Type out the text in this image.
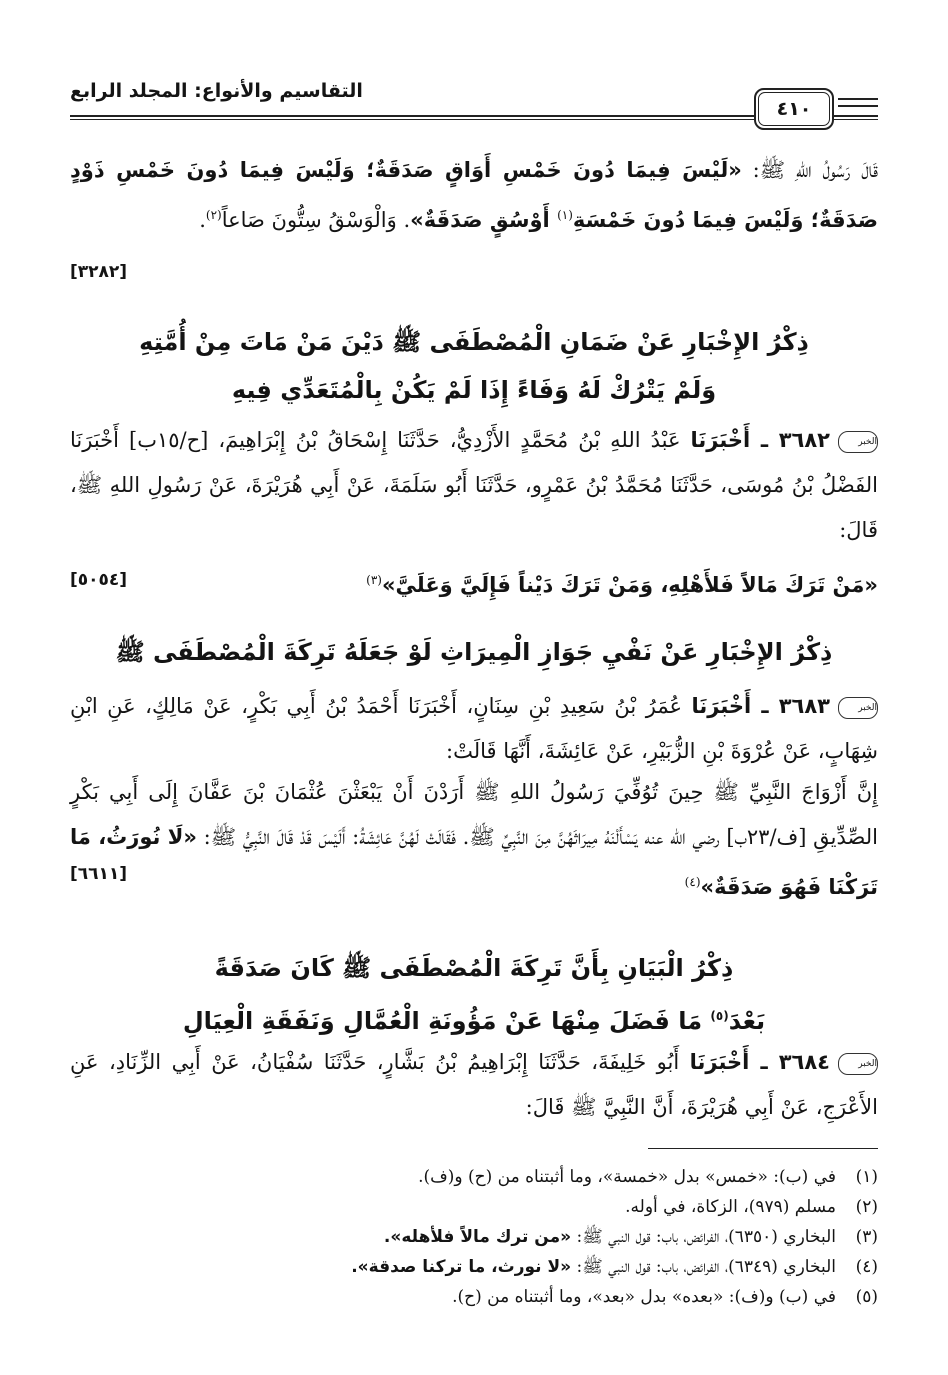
التقاسيم والأنواع: المجلد الرابع
٤١٠
قَالَ رَسُولُ اللهِ ﷺ: «لَيْسَ فِيمَا دُونَ خَمْسِ أَوَاقٍ صَدَقَةٌ؛ وَلَيْسَ فِيمَا دُونَ خَمْسِ ذَوْدٍ صَدَقَةٌ؛ وَلَيْسَ فِيمَا دُونَ خَمْسَةِ$^{(١)}$ أَوْسُقٍ صَدَقَةٌ». وَالْوَسْقُ سِتُّونَ صَاعاً$^{(٢)}$.
[٣٢٨٢]
ذِكْرُ الإِخْبَارِ عَنْ ضَمَانِ الْمُصْطَفَى ﷺ دَيْنَ مَنْ مَاتَ مِنْ أُمَّتِهِ
وَلَمْ يَتْرُكْ لَهُ وَفَاءً إِذَا لَمْ يَكُنْ بِالْمُتَعَدِّي فِيهِ
الخبر٣٦٨٢ ـ أَخْبَرَنَا عَبْدُ اللهِ بْنُ مُحَمَّدٍ الأَزْدِيُّ، حَدَّثَنَا إِسْحَاقُ بْنُ إِبْرَاهِيمَ، [ح/١٥ب] أَخْبَرَنَا الفَضْلُ بْنُ مُوسَى، حَدَّثَنَا مُحَمَّدُ بْنُ عَمْرٍو، حَدَّثَنَا أَبُو سَلَمَةَ، عَنْ أَبِي هُرَيْرَةَ، عَنْ رَسُولِ اللهِ ﷺ، قَالَ:
«مَنْ تَرَكَ مَالاً فَلأَهْلِهِ، وَمَنْ تَرَكَ دَيْناً فَإِلَيَّ وَعَلَيَّ»$^{(٣)}$
[٥٠٥٤]
ذِكْرُ الإِخْبَارِ عَنْ نَفْيِ جَوَازِ الْمِيرَاثِ لَوْ جَعَلَهُ تَرِكَةَ الْمُصْطَفَى ﷺ
الخبر٣٦٨٣ ـ أَخْبَرَنَا عُمَرُ بْنُ سَعِيدِ بْنِ سِنَانٍ، أَخْبَرَنَا أَحْمَدُ بْنُ أَبِي بَكْرٍ، عَنْ مَالِكٍ، عَنِ ابْنِ شِهَابٍ، عَنْ عُرْوَةَ بْنِ الزُّبَيْرِ، عَنْ عَائِشَةَ، أَنَّهَا قَالَتْ:
إِنَّ أَزْوَاجَ النَّبِيِّ ﷺ حِينَ تُوُفِّيَ رَسُولُ اللهِ ﷺ أَرَدْنَ أَنْ يَبْعَثْنَ عُثْمَانَ بْنَ عَفَّانَ إِلَى أَبِي بَكْرٍ الصِّدِّيقِ [ف/٢٣ب] رضي الله عنه يَسْأَلْنَهُ مِيرَاثَهُنَّ مِنَ النَّبِيِّ ﷺ. فَقَالَتْ لَهُنَّ عَائِشَةُ: أَلَيْسَ قَدْ قَالَ النَّبِيُّ ﷺ: «لَا نُورَثُ، مَا تَرَكْنَا فَهُوَ صَدَقَةٌ»$^{(٤)}$
[٦٦١١]
ذِكْرُ الْبَيَانِ بِأَنَّ تَرِكَةَ الْمُصْطَفَى ﷺ كَانَ صَدَقَةً
بَعْدَ$^{(٥)}$ مَا فَضَلَ مِنْهَا عَنْ مَؤُونَةِ الْعُمَّالِ وَنَفَقَةِ الْعِيَالِ
الخبر٣٦٨٤ ـ أَخْبَرَنَا أَبُو خَلِيفَةَ، حَدَّثَنَا إِبْرَاهِيمُ بْنُ بَشَّارٍ، حَدَّثَنَا سُفْيَانُ، عَنْ أَبِي الزِّنَادِ، عَنِ الأَعْرَجِ، عَنْ أَبِي هُرَيْرَةَ، أَنَّ النَّبِيَّ ﷺ قَالَ:
(١)في (ب): «خمس» بدل «خمسة»، وما أثبتناه من (ح) و(ف).
(٢)مسلم (٩٧٩)، الزكاة، في أوله.
(٣)البخاري (٦٣٥٠)، الفرائض، باب: قول النبي ﷺ: «من ترك مالاً فلأهله».
(٤)البخاري (٦٣٤٩)، الفرائض، باب: قول النبي ﷺ: «لا نورث، ما تركنا صدقة».
(٥)في (ب) و(ف): «بعده» بدل «بعد»، وما أثبتناه من (ح).
